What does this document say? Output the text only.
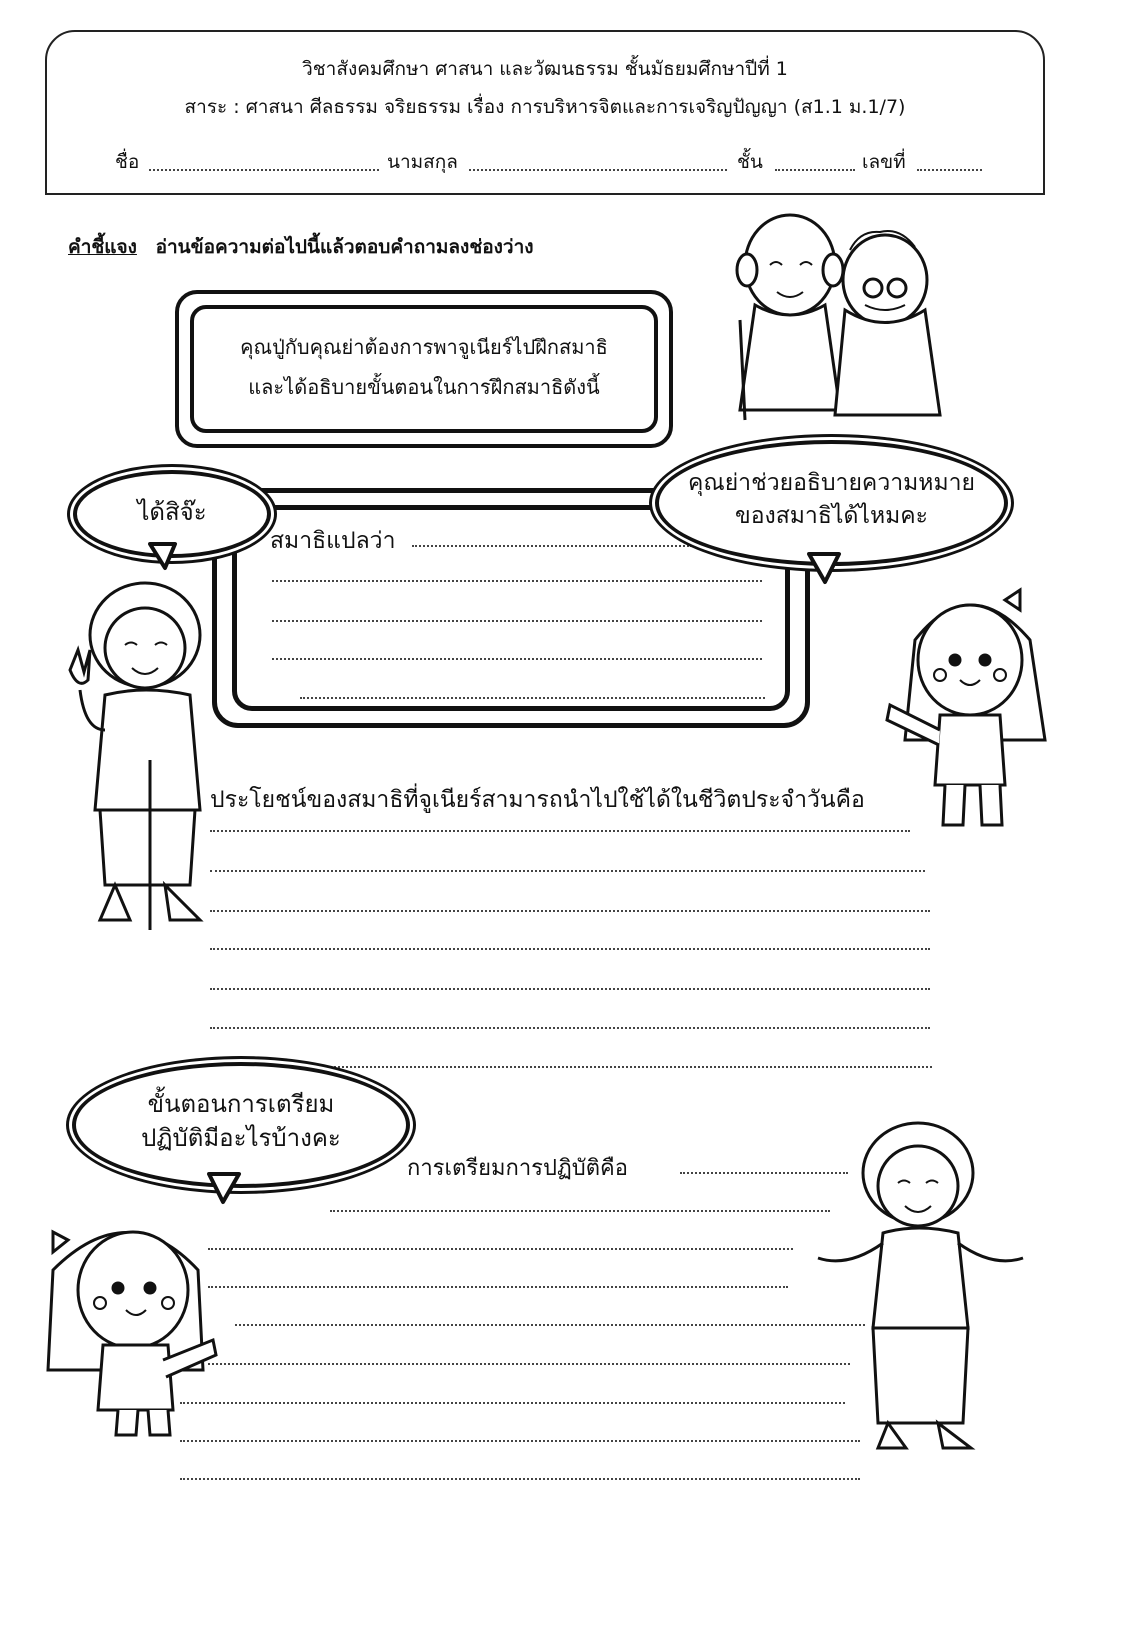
วิชาสังคมศึกษา ศาสนา และวัฒนธรรม ชั้นมัธยมศึกษาปีที่ 1
สาระ : ศาสนา ศีลธรรม จริยธรรม เรื่อง การบริหารจิตและการเจริญปัญญา (ส1.1 ม.1/7)
ชื่อ	นามสกุล	ชั้น	เลขที่
คำชี้แจง อ่านข้อความต่อไปนี้แล้วตอบคำถามลงช่องว่าง
คุณปู่กับคุณย่าต้องการพาจูเนียร์ไปฝึกสมาธิ
และได้อธิบายขั้นตอนในการฝึกสมาธิดังนี้
สมาธิแปลว่า
ได้สิจ๊ะ
คุณย่าช่วยอธิบายความหมาย
ของสมาธิได้ไหมคะ
ประโยชน์ของสมาธิที่จูเนียร์สามารถนำไปใช้ได้ในชีวิตประจำวันคือ
ขั้นตอนการเตรียม
ปฏิบัติมีอะไรบ้างคะ
การเตรียมการปฏิบัติคือ
